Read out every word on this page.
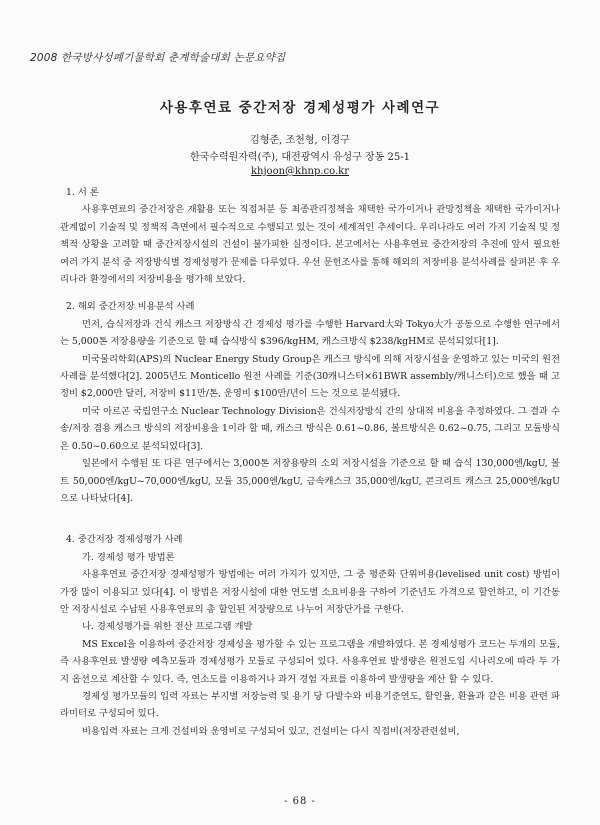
2008 한국방사성폐기물학회 춘계학술대회 논문요약집
사용후연료 중간저장 경제성평가 사례연구
김형준, 조천형, 이경구
한국수력원자력(주), 대전광역시 유성구 장동 25-1
khjoon@khnp.co.kr

1. 서 론

사용후연료의 중간저장은 재활용 또는 직접처분 등 최종관리정책을 채택한 국가이거나 관망정책을 채택한 국가이거나 관계없이 기술적 및 정책적 측면에서 필수적으로 수행되고 있는 것이 세계적인 추세이다. 우리나라도 여러 가지 기술적 및 정책적 상황을 고려할 때 중간저장시설의 건설이 불가피한 실정이다. 본고에서는 사용후연료 중간저장의 추진에 앞서 필요한 여러 가지 분석 중 저장방식별 경제성평가 문제를 다루었다. 우선 문헌조사를 통해 해외의 저장비용 분석사례를 살펴본 후 우리나라 환경에서의 저장비용을 평가해 보았다.

2. 해외 중간저장 비용분석 사례

먼저, 습식저장과 건식 캐스크 저장방식 간 경제성 평가를 수행한 Harvard大와 Tokyo大가 공동으로 수행한 연구에서는 5,000톤 저장용량을 기준으로 할 때 습식방식 $396/kgHM, 캐스크방식 $238/kgHM로 분석되었다[1].

미국물리학회(APS)의 Nuclear Energy Study Group은 캐스크 방식에 의해 저장시설을 운영하고 있는 미국의 원전 사례를 분석했다[2]. 2005년도 Monticello 원전 사례를 기준(30캐니스터×61BWR assembly/캐니스터)으로 했을 때 고정비 $2,000만 달러, 저장비 $11만/톤, 운영비 $100만/년이 드는 것으로 분석됐다.

미국 아르곤 국립연구소 Nuclear Technology Division은 건식저장방식 간의 상대적 비용을 추정하였다. 그 결과 수송/저장 겸용 캐스크 방식의 저장비용을 1이라 할 때, 캐스크 방식은 0.61~0.86, 볼트방식은 0.62~0.75, 그리고 모듈방식은 0.50~0.60으로 분석되었다[3].

일본에서 수행된 또 다른 연구에서는 3,000톤 저장용량의 소외 저장시설을 기준으로 할 때 습식 130,000엔/kgU, 볼트 50,000엔/kgU~70,000엔/kgU, 모듈 35,000엔/kgU, 금속캐스크 35,000엔/kgU, 콘크리트 캐스크 25,000엔/kgU으로 나타났다[4].

4. 중간저장 경제성평가 사례

가. 경제성 평가 방법론

사용후연료 중간저장 경제성평가 방법에는 여러 가지가 있지만, 그 중 평준화 단위비용(levelised unit cost) 방법이 가장 많이 이용되고 있다[4]. 이 방법은 저장시설에 대한 연도별 소요비용을 구하여 기준년도 가격으로 할인하고, 이 기간동안 저장시설로 수납된 사용후연료의 총 할인된 저장량으로 나누어 저장단가를 구한다.

나. 경제성평가를 위한 전산 프로그램 개발

MS Excel을 이용하여 중간저장 경제성을 평가할 수 있는 프로그램을 개발하였다. 본 경제성평가 코드는 두개의 모듈, 즉 사용후연료 발생량 예측모듈과 경제성평가 모듈로 구성되어 있다. 사용후연료 발생량은 원전도입 시나리오에 따라 두 가지 옵션으로 계산할 수 있다. 즉, 연소도를 이용하거나 과거 경험 자료를 이용하여 발생량을 계산 할 수 있다.

경제성 평가모듈의 입력 자료는 부지별 저장능력 및 용기 당 다발수와 비용기준연도, 할인율, 환율과 같은 비용 관련 파라미터로 구성되어 있다.

비용입력 자료는 크게 건설비와 운영비로 구성되어 있고, 건설비는 다시 직접비(저장관련설비,

- 68 -
